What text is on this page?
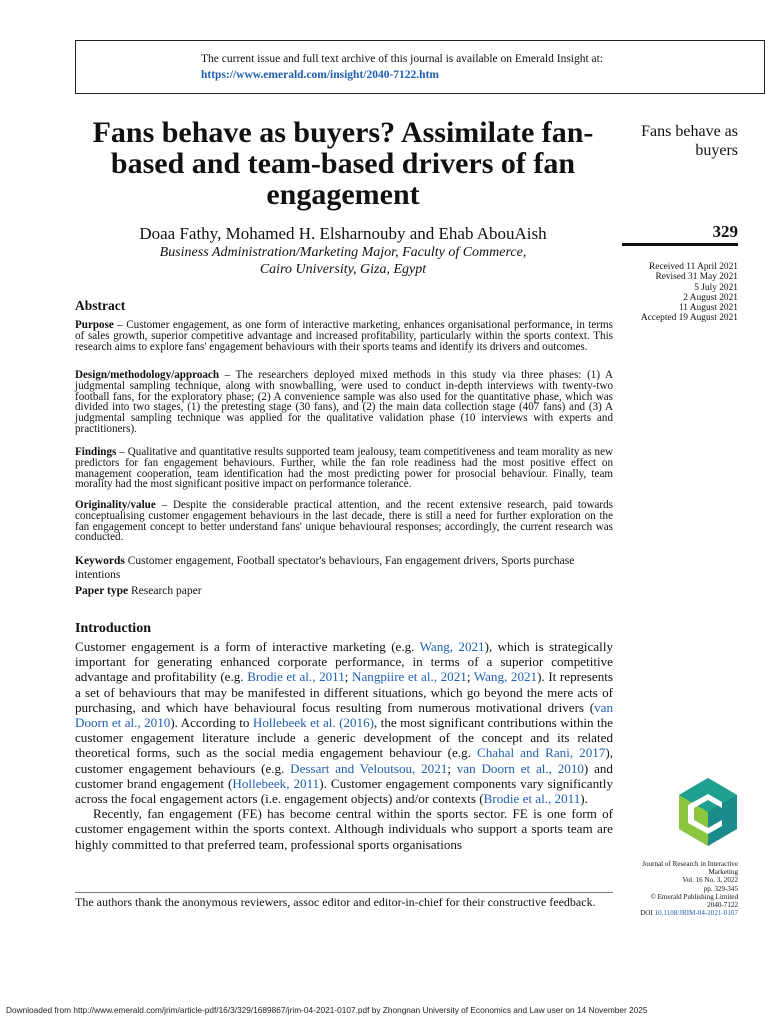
The current issue and full text archive of this journal is available on Emerald Insight at:
https://www.emerald.com/insight/2040-7122.htm
Fans behave as buyers? Assimilate fan-based and team-based drivers of fan engagement
Doaa Fathy, Mohamed H. Elsharnouby and Ehab AbouAish
Business Administration/Marketing Major, Faculty of Commerce,
Cairo University, Giza, Egypt
Fans behave as buyers
329
Received 11 April 2021
Revised 31 May 2021
5 July 2021
2 August 2021
11 August 2021
Accepted 19 August 2021
Abstract
Purpose – Customer engagement, as one form of interactive marketing, enhances organisational performance, in terms of sales growth, superior competitive advantage and increased profitability, particularly within the sports context. This research aims to explore fans' engagement behaviours with their sports teams and identify its drivers and outcomes.
Design/methodology/approach – The researchers deployed mixed methods in this study via three phases: (1) A judgmental sampling technique, along with snowballing, were used to conduct in-depth interviews with twenty-two football fans, for the exploratory phase; (2) A convenience sample was also used for the quantitative phase, which was divided into two stages, (1) the pretesting stage (30 fans), and (2) the main data collection stage (407 fans) and (3) A judgmental sampling technique was applied for the qualitative validation phase (10 interviews with experts and practitioners).
Findings – Qualitative and quantitative results supported team jealousy, team competitiveness and team morality as new predictors for fan engagement behaviours. Further, while the fan role readiness had the most positive effect on management cooperation, team identification had the most predicting power for prosocial behaviour. Finally, team morality had the most significant positive impact on performance tolerance.
Originality/value – Despite the considerable practical attention, and the recent extensive research, paid towards conceptualising customer engagement behaviours in the last decade, there is still a need for further exploration on the fan engagement concept to better understand fans' unique behavioural responses; accordingly, the current research was conducted.
Keywords Customer engagement, Football spectator's behaviours, Fan engagement drivers, Sports purchase intentions
Paper type Research paper
Introduction

Customer engagement is a form of interactive marketing (e.g. Wang, 2021), which is strategically important for generating enhanced corporate performance, in terms of a superior competitive advantage and profitability (e.g. Brodie et al., 2011; Nangpiire et al., 2021; Wang, 2021). It represents a set of behaviours that may be manifested in different situations, which go beyond the mere acts of purchasing, and which have behavioural focus resulting from numerous motivational drivers (van Doorn et al., 2010). According to Hollebeek et al. (2016), the most significant contributions within the customer engagement literature include a generic development of the concept and its related theoretical forms, such as the social media engagement behaviour (e.g. Chahal and Rani, 2017), customer engagement behaviours (e.g. Dessart and Veloutsou, 2021; van Doorn et al., 2010) and customer brand engagement (Hollebeek, 2011). Customer engagement components vary significantly across the focal engagement actors (i.e. engagement objects) and/or contexts (Brodie et al., 2011).

Recently, fan engagement (FE) has become central within the sports sector. FE is one form of customer engagement within the sports context. Although individuals who support a sports team are highly committed to that preferred team, professional sports organisations

The authors thank the anonymous reviewers, assoc editor and editor-in-chief for their constructive feedback.
Journal of Research in Interactive
Marketing
Vol. 16 No. 3, 2022
pp. 329-345
© Emerald Publishing Limited
2040-7122
DOI 10.1108/JRIM-04-2021-0107
Downloaded from http://www.emerald.com/jrim/article-pdf/16/3/329/1689867/jrim-04-2021-0107.pdf by Zhongnan University of Economics and Law user on 14 November 2025
